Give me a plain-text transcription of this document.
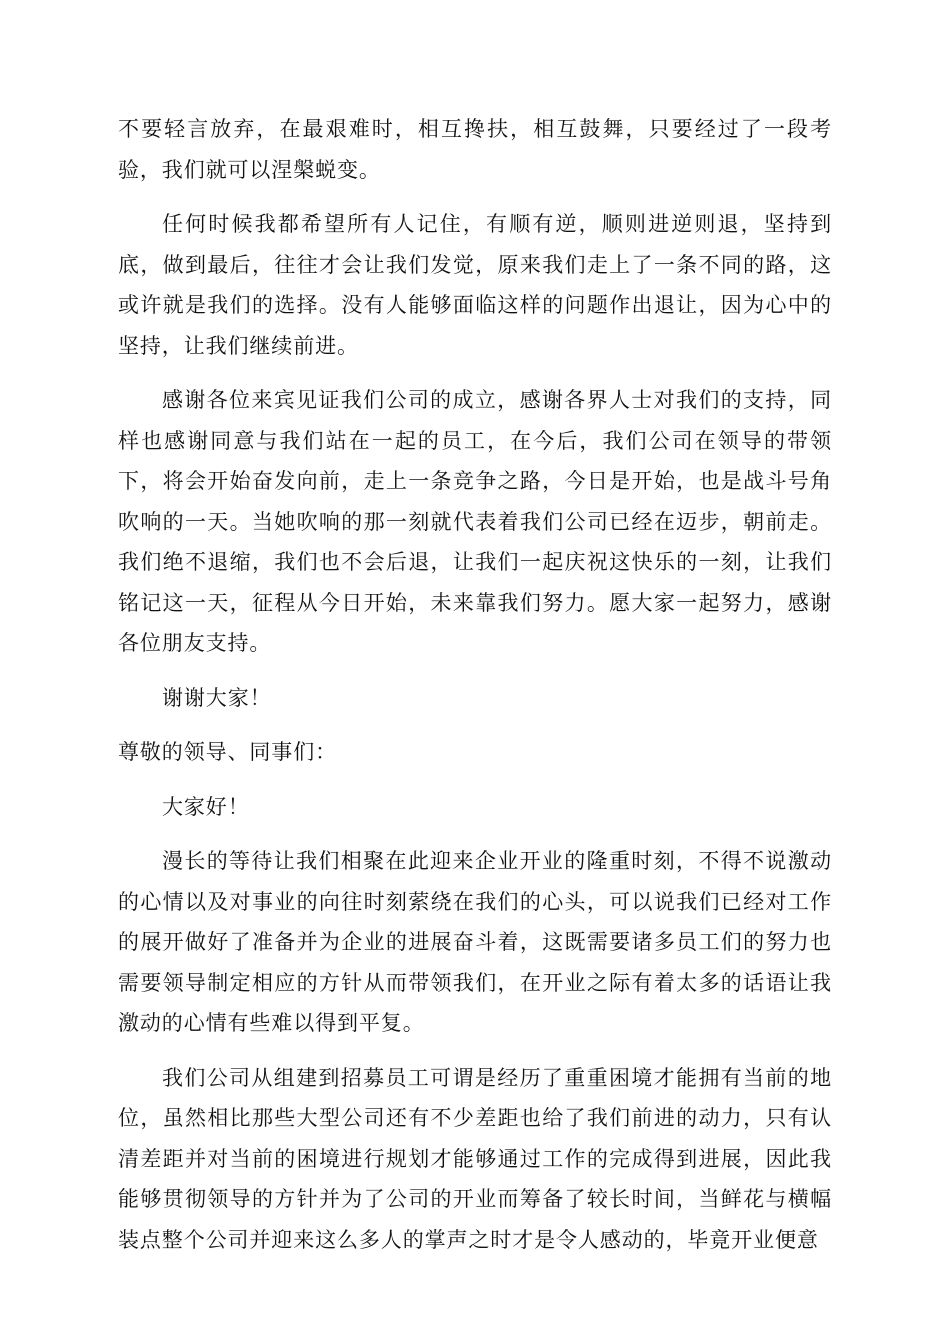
不要轻言放弃，在最艰难时，相互搀扶，相互鼓舞，只要经过了一段考验，我们就可以涅槃蜕变。

任何时候我都希望所有人记住，有顺有逆，顺则进逆则退，坚持到底，做到最后，往往才会让我们发觉，原来我们走上了一条不同的路，这或许就是我们的选择。没有人能够面临这样的问题作出退让，因为心中的坚持，让我们继续前进。

感谢各位来宾见证我们公司的成立，感谢各界人士对我们的支持，同样也感谢同意与我们站在一起的员工，在今后，我们公司在领导的带领下，将会开始奋发向前，走上一条竞争之路，今日是开始，也是战斗号角吹响的一天。当她吹响的那一刻就代表着我们公司已经在迈步，朝前走。我们绝不退缩，我们也不会后退，让我们一起庆祝这快乐的一刻，让我们铭记这一天，征程从今日开始，未来靠我们努力。愿大家一起努力，感谢各位朋友支持。

谢谢大家！

尊敬的领导、同事们：

大家好！

漫长的等待让我们相聚在此迎来企业开业的隆重时刻，不得不说激动的心情以及对事业的向往时刻萦绕在我们的心头，可以说我们已经对工作的展开做好了准备并为企业的进展奋斗着，这既需要诸多员工们的努力也需要领导制定相应的方针从而带领我们，在开业之际有着太多的话语让我激动的心情有些难以得到平复。

我们公司从组建到招募员工可谓是经历了重重困境才能拥有当前的地位，虽然相比那些大型公司还有不少差距也给了我们前进的动力，只有认清差距并对当前的困境进行规划才能够通过工作的完成得到进展，因此我能够贯彻领导的方针并为了公司的开业而筹备了较长时间，当鲜花与横幅装点整个公司并迎来这么多人的掌声之时才是令人感动的，毕竟开业便意
